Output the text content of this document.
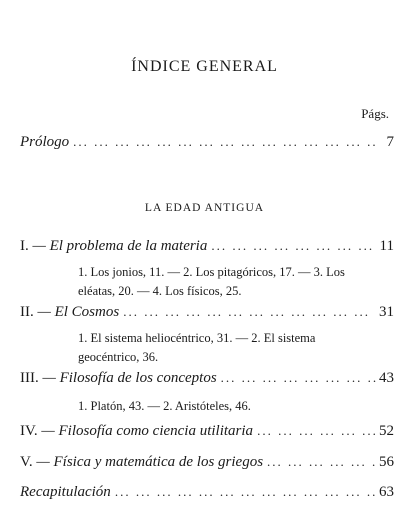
ÍNDICE GENERAL
Págs.
Prólogo ... .	7
LA EDAD ANTIGUA
I. — El problema de la materia ... .	11
1. Los jonios, 11. — 2. Los pitagóricos, 17. — 3. Los eléatas, 20. — 4. Los físicos, 25.
II. — El Cosmos ... .	31
1. El sistema heliocéntrico, 31. — 2. El sistema geocéntrico, 36.
III. — Filosofía de los conceptos ... .	43
1. Platón, 43. — 2. Aristóteles, 46.
IV. — Filosofía como ciencia utilitaria ... .	52
V. — Física y matemática de los griegos ... .	56
Recapitulación ... .	63
